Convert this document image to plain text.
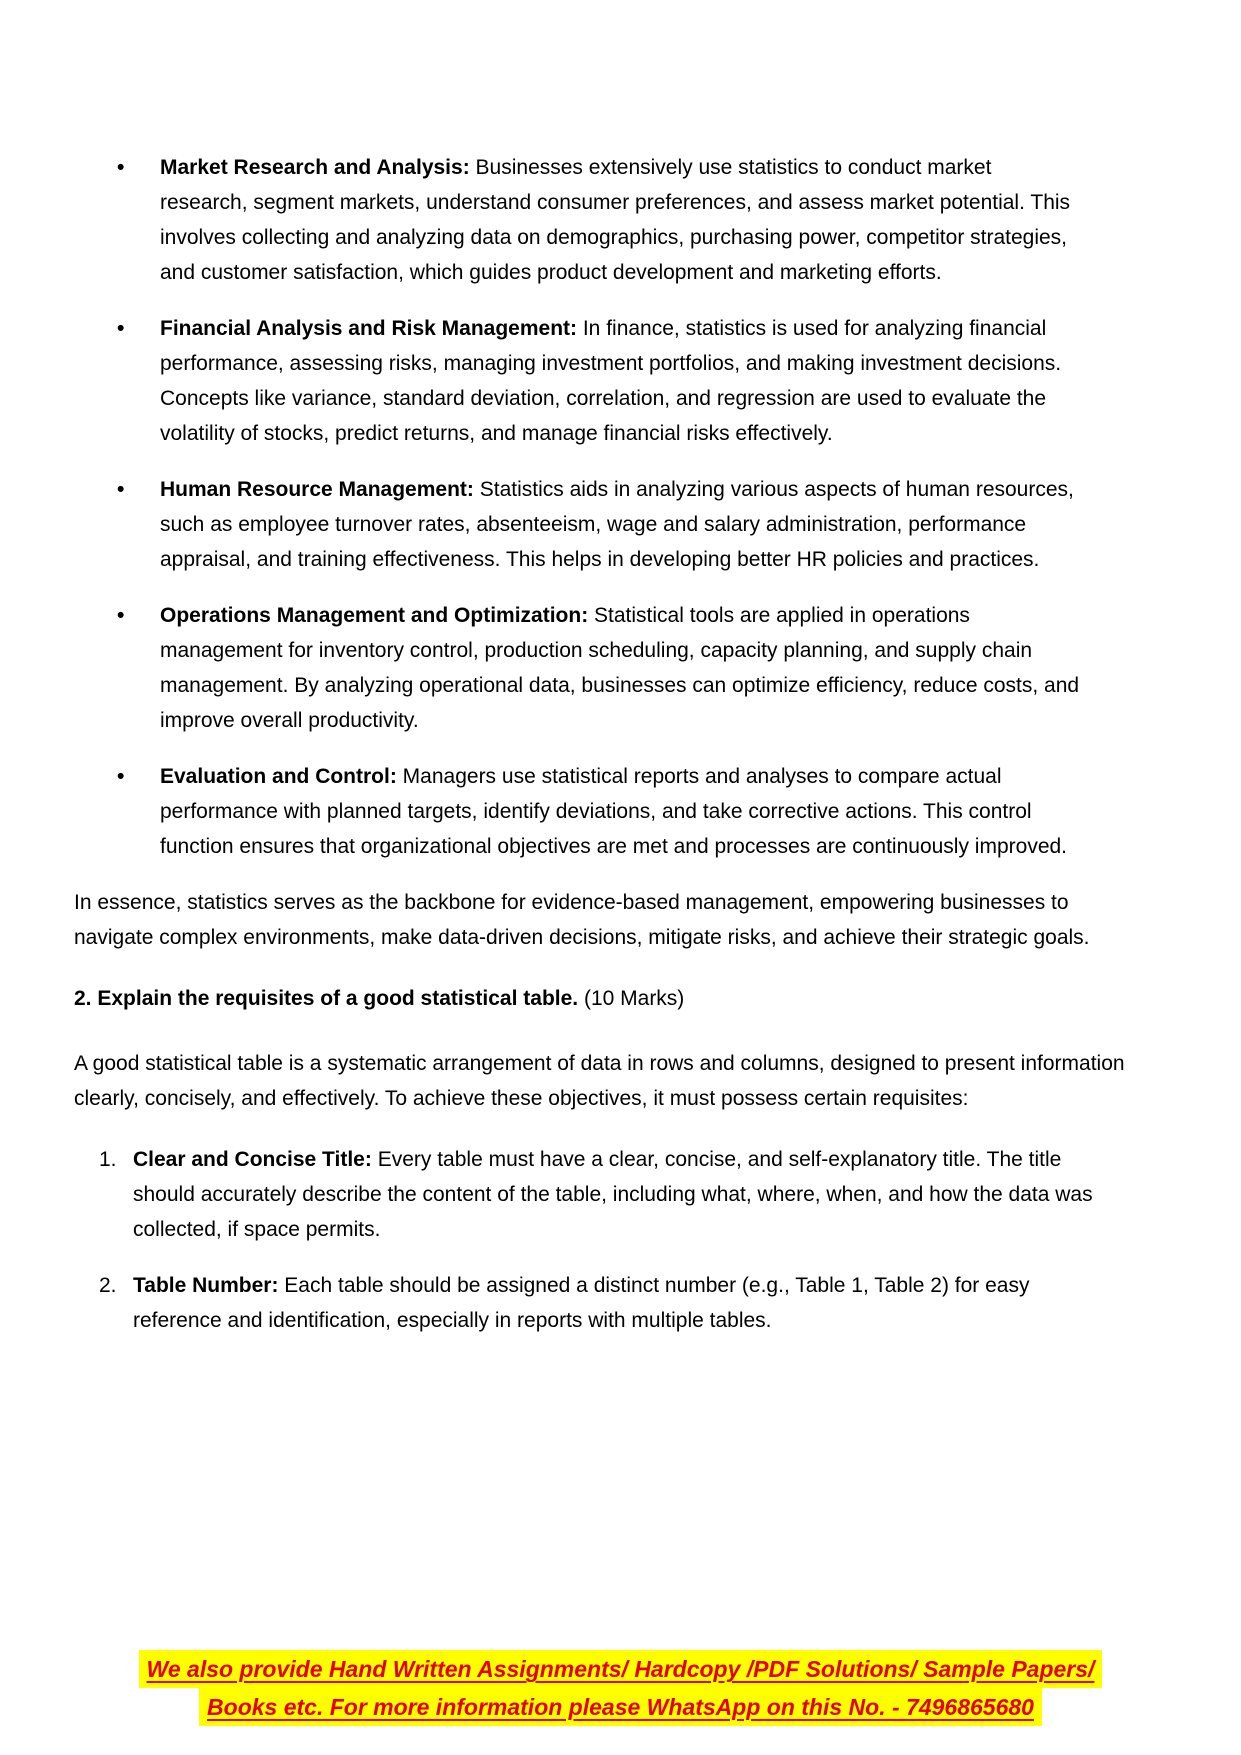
•	Market Research and Analysis: Businesses extensively use statistics to conduct market research, segment markets, understand consumer preferences, and assess market potential. This involves collecting and analyzing data on demographics, purchasing power, competitor strategies, and customer satisfaction, which guides product development and marketing efforts.

•	Financial Analysis and Risk Management: In finance, statistics is used for analyzing financial performance, assessing risks, managing investment portfolios, and making investment decisions. Concepts like variance, standard deviation, correlation, and regression are used to evaluate the volatility of stocks, predict returns, and manage financial risks effectively.

•	Human Resource Management: Statistics aids in analyzing various aspects of human resources, such as employee turnover rates, absenteeism, wage and salary administration, performance appraisal, and training effectiveness. This helps in developing better HR policies and practices.

•	Operations Management and Optimization: Statistical tools are applied in operations management for inventory control, production scheduling, capacity planning, and supply chain management. By analyzing operational data, businesses can optimize efficiency, reduce costs, and improve overall productivity.

•	Evaluation and Control: Managers use statistical reports and analyses to compare actual performance with planned targets, identify deviations, and take corrective actions. This control function ensures that organizational objectives are met and processes are continuously improved.

In essence, statistics serves as the backbone for evidence-based management, empowering businesses to navigate complex environments, make data-driven decisions, mitigate risks, and achieve their strategic goals.

2. Explain the requisites of a good statistical table. (10 Marks)

A good statistical table is a systematic arrangement of data in rows and columns, designed to present information clearly, concisely, and effectively. To achieve these objectives, it must possess certain requisites:

1. Clear and Concise Title: Every table must have a clear, concise, and self-explanatory title. The title should accurately describe the content of the table, including what, where, when, and how the data was collected, if space permits.

2. Table Number: Each table should be assigned a distinct number (e.g., Table 1, Table 2) for easy reference and identification, especially in reports with multiple tables.

We also provide Hand Written Assignments/ Hardcopy /PDF Solutions/ Sample Papers/
Books etc. For more information please WhatsApp on this No. - 7496865680
